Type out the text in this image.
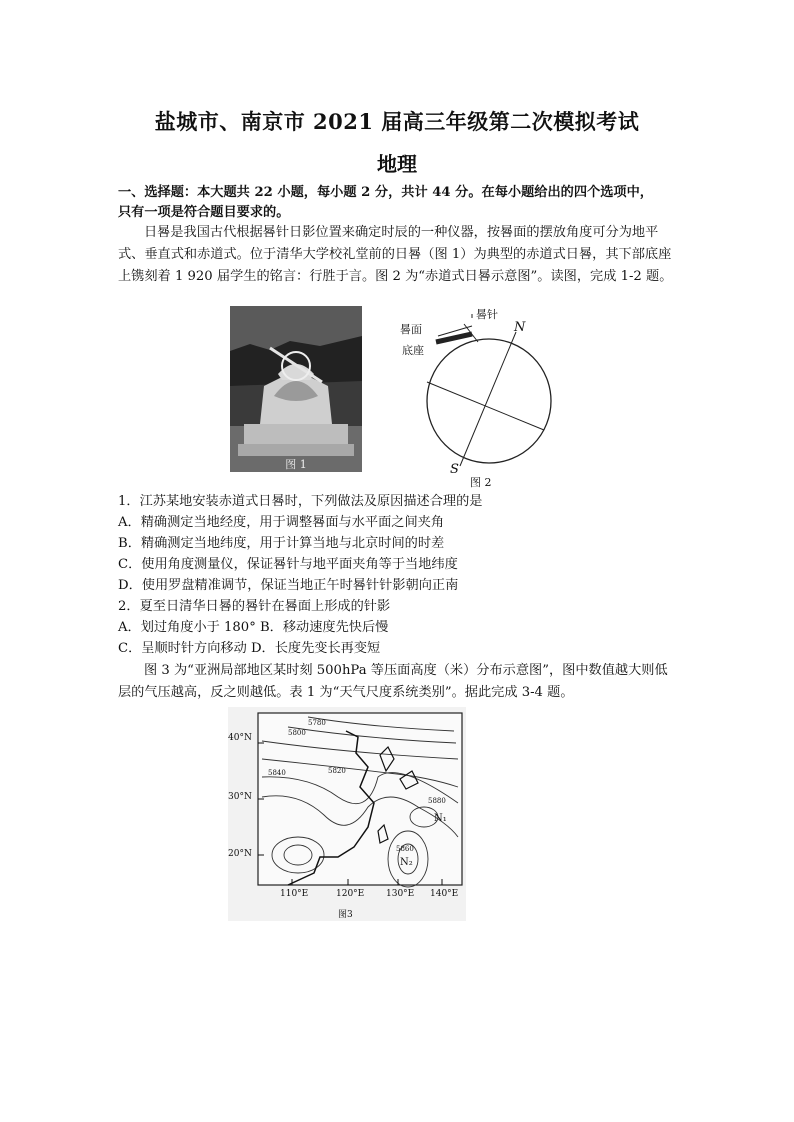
盐城市、南京市 2021 届高三年级第二次模拟考试
地理
一、选择题：本大题共 22 小题，每小题 2 分，共计 44 分。在每小题给出的四个选项中，
只有一项是符合题目要求的。
日晷是我国古代根据晷针日影位置来确定时辰的一种仪器，按晷面的摆放角度可分为地平式、垂直式和赤道式。位于清华大学校礼堂前的日晷（图 1）为典型的赤道式日晷，其下部底座上镌刻着 1 920 届学生的铭言：行胜于言。图 2 为“赤道式日晷示意图”。读图，完成 1-2 题。
图 1
晷针
晷面
底座
N
S
图 2
1．江苏某地安装赤道式日晷时，下列做法及原因描述合理的是
A．精确测定当地经度，用于调整晷面与水平面之间夹角
B．精确测定当地纬度，用于计算当地与北京时间的时差
C．使用角度测量仪，保证晷针与地平面夹角等于当地纬度
D．使用罗盘精准调节，保证当地正午时晷针针影朝向正南
2．夏至日清华日晷的晷针在晷面上形成的针影
A．划过角度小于 180° B．移动速度先快后慢
C．呈顺时针方向移动 D．长度先变长再变短
图 3 为“亚洲局部地区某时刻 500hPa 等压面高度（米）分布示意图”，图中数值越大则低层的气压越高，反之则越低。表 1 为“天气尺度系统类别”。据此完成 3-4 题。
40°N
30°N
20°N
110°E	120°E 130°E 140°E
5780
5800
5820
5840
5860
5880
N₁
N₂
图3
